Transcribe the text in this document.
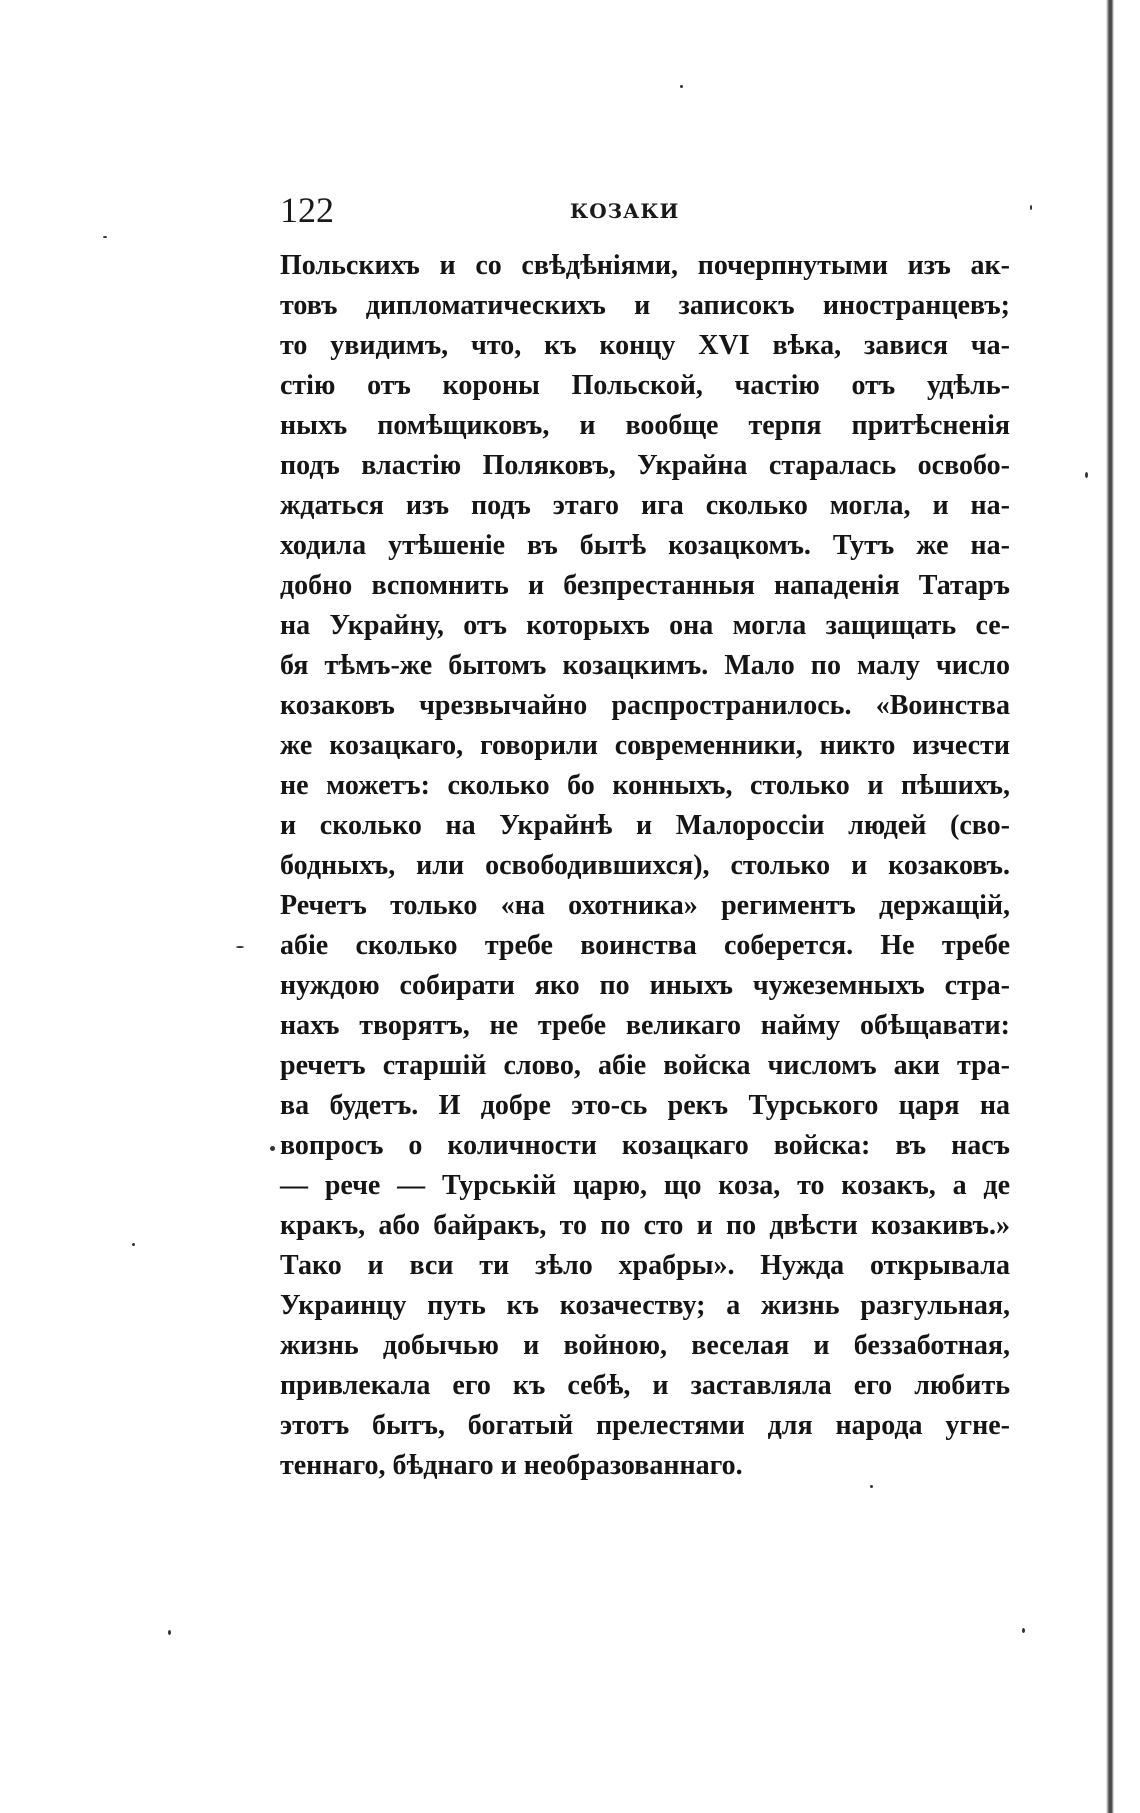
122	КОЗАКИ
Польскихъ и со свѣдѣніями, почерпнутыми изъ ак-
товъ дипломатическихъ и записокъ иностранцевъ;
то увидимъ, что, къ концу XVI вѣка, завися ча-
стію отъ короны Польской, частію отъ удѣль-
ныхъ помѣщиковъ, и вообще терпя притѣсненія
подъ властію Поляковъ, Украйна старалась освобо-
ждаться изъ подъ этаго ига сколько могла, и на-
ходила утѣшеніе въ бытѣ козацкомъ. Тутъ же на-
добно вспомнить и безпрестанныя нападенія Татаръ
на Украйну, отъ которыхъ она могла защищать се-
бя тѣмъ-же бытомъ козацкимъ. Мало по малу число
козаковъ чрезвычайно распространилось. «Воинства
же козацкаго, говорили современники, никто изчести
не можетъ: сколько бо конныхъ, столько и пѣшихъ,
и сколько на Украйнѣ и Малороссіи людей (сво-
бодныхъ, или освободившихся), столько и козаковъ.
Речетъ только «на охотника» региментъ держащій,
абіе сколько требе воинства соберется. Не требе
нуждою собирати яко по иныхъ чужеземныхъ стра-
нахъ творятъ, не требе великаго найму обѣщавати:
речетъ старшій слово, абіе войска числомъ аки тра-
ва будетъ. И добре это-сь рекъ Турського царя на
вопросъ о количности козацкаго войска: въ насъ
— рече — Турськiй царю, що коза, то козакъ, а де
кракъ, або байракъ, то по сто и по двѣсти козакивъ.»
Тако и вси ти зѣло храбры». Нужда открывала
Украинцу путь къ козачеству; а жизнь разгульная,
жизнь добычью и войною, веселая и беззаботная,
привлекала его къ себѣ, и заставляла его любить
этотъ бытъ, богатый прелестями для народа угне-
теннаго, бѣднаго и необразованнаго.
